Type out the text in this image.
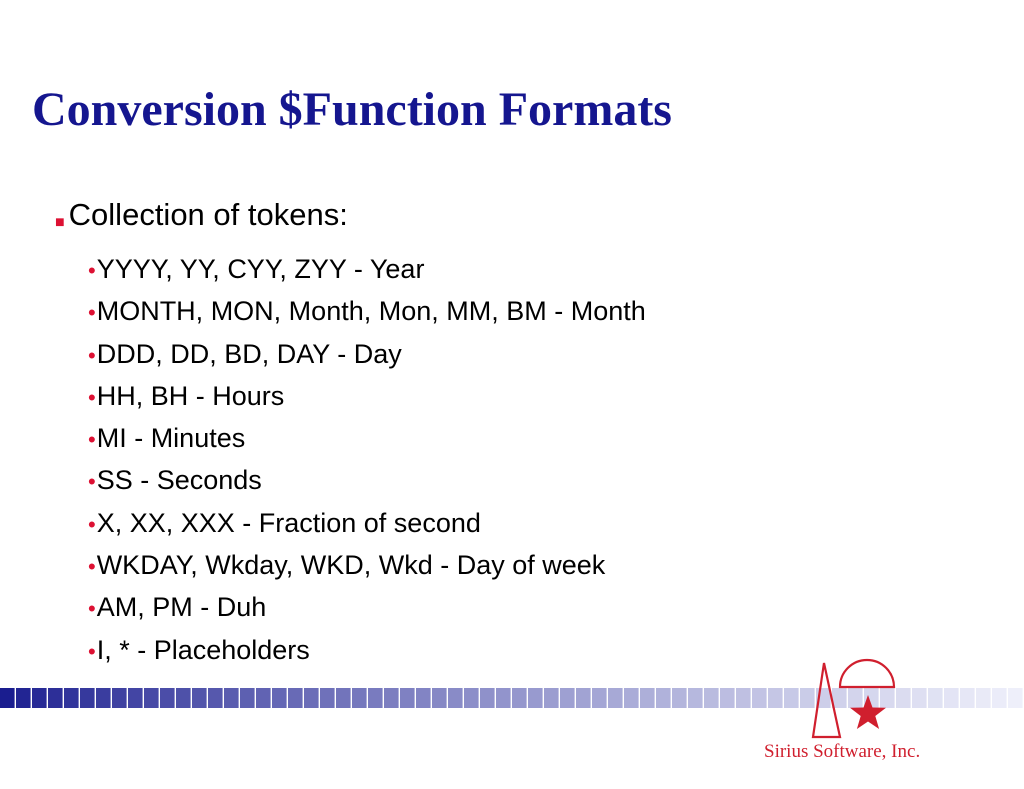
Conversion $Function Formats
■ Collection of tokens:
•YYYY, YY, CYY, ZYY - Year
•MONTH, MON, Month, Mon, MM, BM - Month
•DDD, DD, BD, DAY - Day
•HH, BH - Hours
•MI - Minutes
•SS - Seconds
•X, XX, XXX - Fraction of second
•WKDAY, Wkday, WKD, Wkd - Day of week
•AM, PM - Duh
•I, * - Placeholders
Sirius Software, Inc.
